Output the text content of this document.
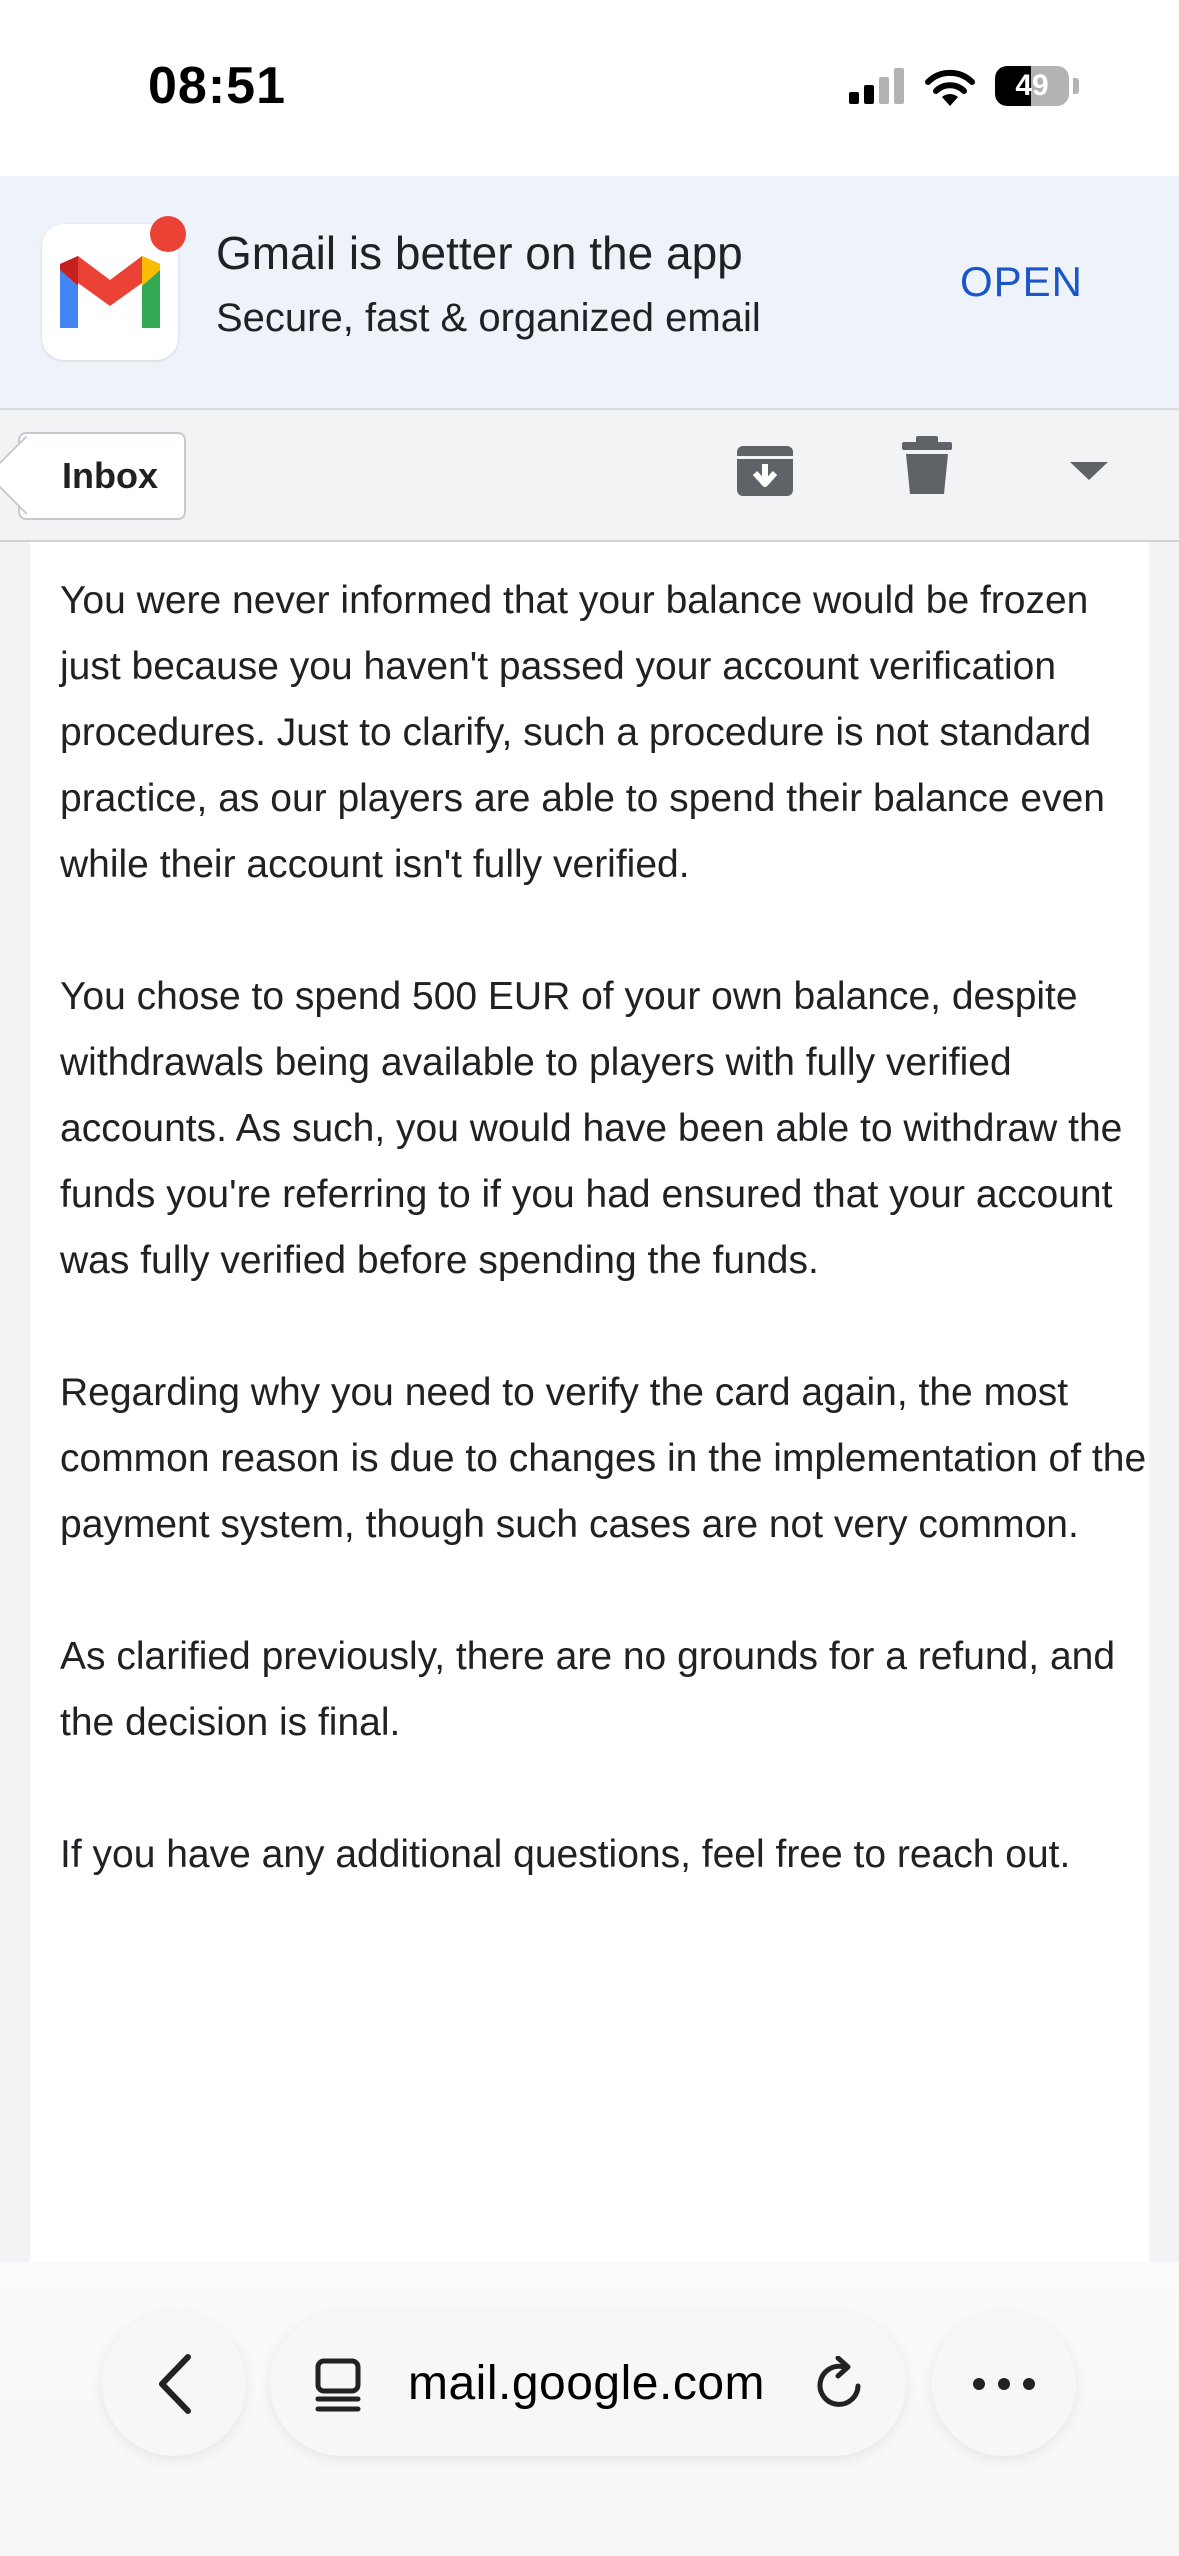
08:51	49
Gmail is better on the app
Secure, fast & organized email
OPEN
Inbox

You were never informed that your balance would be frozen just because you haven't passed your account verification procedures. Just to clarify, such a procedure is not standard practice, as our players are able to spend their balance even while their account isn't fully verified.

You chose to spend 500 EUR of your own balance, despite withdrawals being available to players with fully verified accounts. As such, you would have been able to withdraw the funds you're referring to if you had ensured that your account was fully verified before spending the funds.

Regarding why you need to verify the card again, the most common reason is due to changes in the implementation of the payment system, though such cases are not very common.

As clarified previously, there are no grounds for a refund, and the decision is final.

If you have any additional questions, feel free to reach out.

mail.google.com
